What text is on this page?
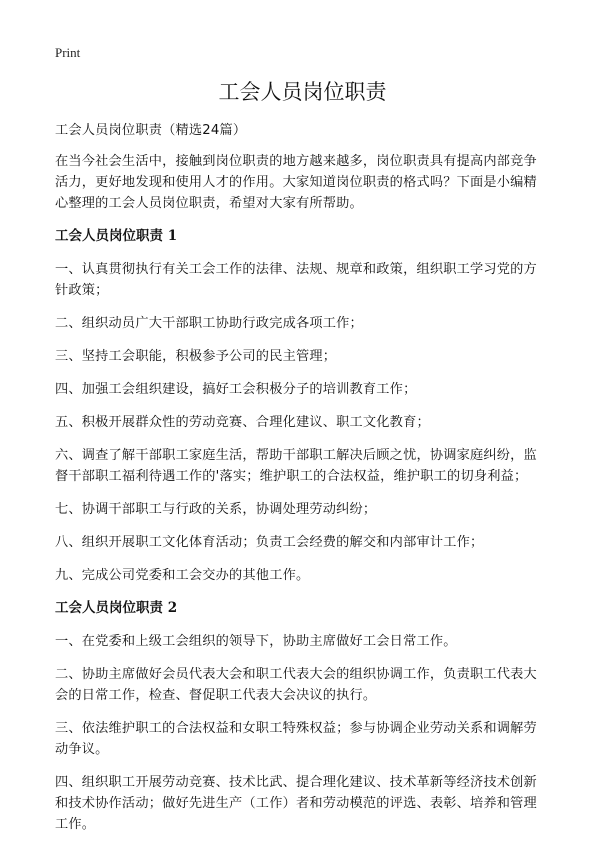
Print
工会人员岗位职责

工会人员岗位职责（精选24篇）

在当今社会生活中，接触到岗位职责的地方越来越多，岗位职责具有提高内部竞争活力，更好地发现和使用人才的作用。大家知道岗位职责的格式吗？下面是小编精心整理的工会人员岗位职责，希望对大家有所帮助。

工会人员岗位职责 1

一、认真贯彻执行有关工会工作的法律、法规、规章和政策，组织职工学习党的方针政策；

二、组织动员广大干部职工协助行政完成各项工作；

三、坚持工会职能，积极参予公司的民主管理；

四、加强工会组织建设，搞好工会积极分子的培训教育工作；

五、积极开展群众性的劳动竞赛、合理化建议、职工文化教育；

六、调查了解干部职工家庭生活，帮助干部职工解决后顾之忧，协调家庭纠纷，监督干部职工福利待遇工作的'落实；维护职工的合法权益，维护职工的切身利益；

七、协调干部职工与行政的关系，协调处理劳动纠纷；

八、组织开展职工文化体育活动；负责工会经费的解交和内部审计工作；

九、完成公司党委和工会交办的其他工作。

工会人员岗位职责 2

一、在党委和上级工会组织的领导下，协助主席做好工会日常工作。

二、协助主席做好会员代表大会和职工代表大会的组织协调工作，负责职工代表大会的日常工作，检查、督促职工代表大会决议的执行。

三、依法维护职工的合法权益和女职工特殊权益；参与协调企业劳动关系和调解劳动争议。

四、组织职工开展劳动竞赛、技术比武、提合理化建议、技术革新等经济技术创新和技术协作活动；做好先进生产（工作）者和劳动模范的评选、表彰、培养和管理工作。
